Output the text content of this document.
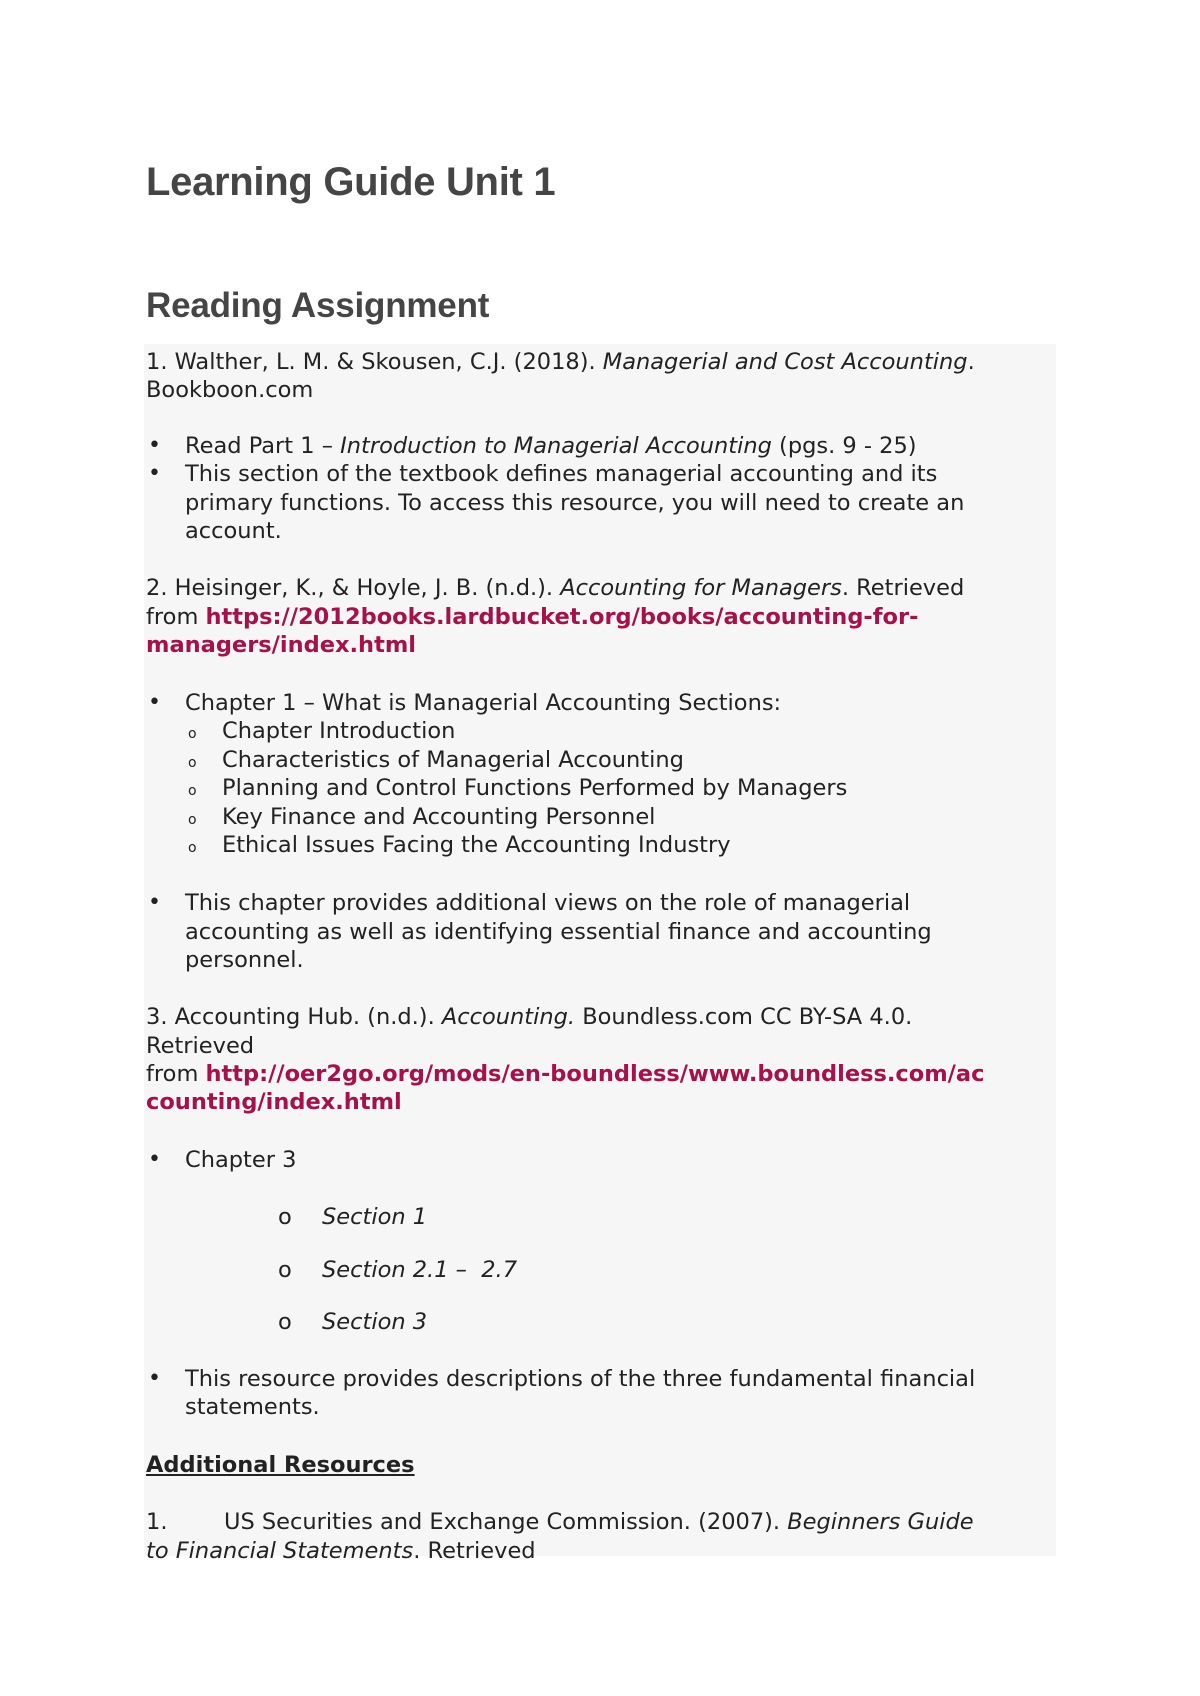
Learning Guide Unit 1
Reading Assignment
1. Walther, L. M. & Skousen, C.J. (2018). Managerial and Cost Accounting.
Bookboon.com
• Read Part 1 – Introduction to Managerial Accounting (pgs. 9 - 25)
• This section of the textbook defines managerial accounting and its
primary functions. To access this resource, you will need to create an
account.
2. Heisinger, K., & Hoyle, J. B. (n.d.). Accounting for Managers. Retrieved
from https://2012books.lardbucket.org/books/accounting-for-
managers/index.html
• Chapter 1 – What is Managerial Accounting Sections:
o Chapter Introduction
o Characteristics of Managerial Accounting
o Planning and Control Functions Performed by Managers
o Key Finance and Accounting Personnel
o Ethical Issues Facing the Accounting Industry
• This chapter provides additional views on the role of managerial
accounting as well as identifying essential finance and accounting
personnel.
3. Accounting Hub. (n.d.). Accounting. Boundless.com CC BY-SA 4.0.
Retrieved
from http://oer2go.org/mods/en-boundless/www.boundless.com/ac
counting/index.html
• Chapter 3
o Section 1
o Section 2.1 –  2.7
o Section 3
• This resource provides descriptions of the three fundamental financial
statements.
Additional Resources
1.	US Securities and Exchange Commission. (2007). Beginners Guide
to Financial Statements. Retrieved
